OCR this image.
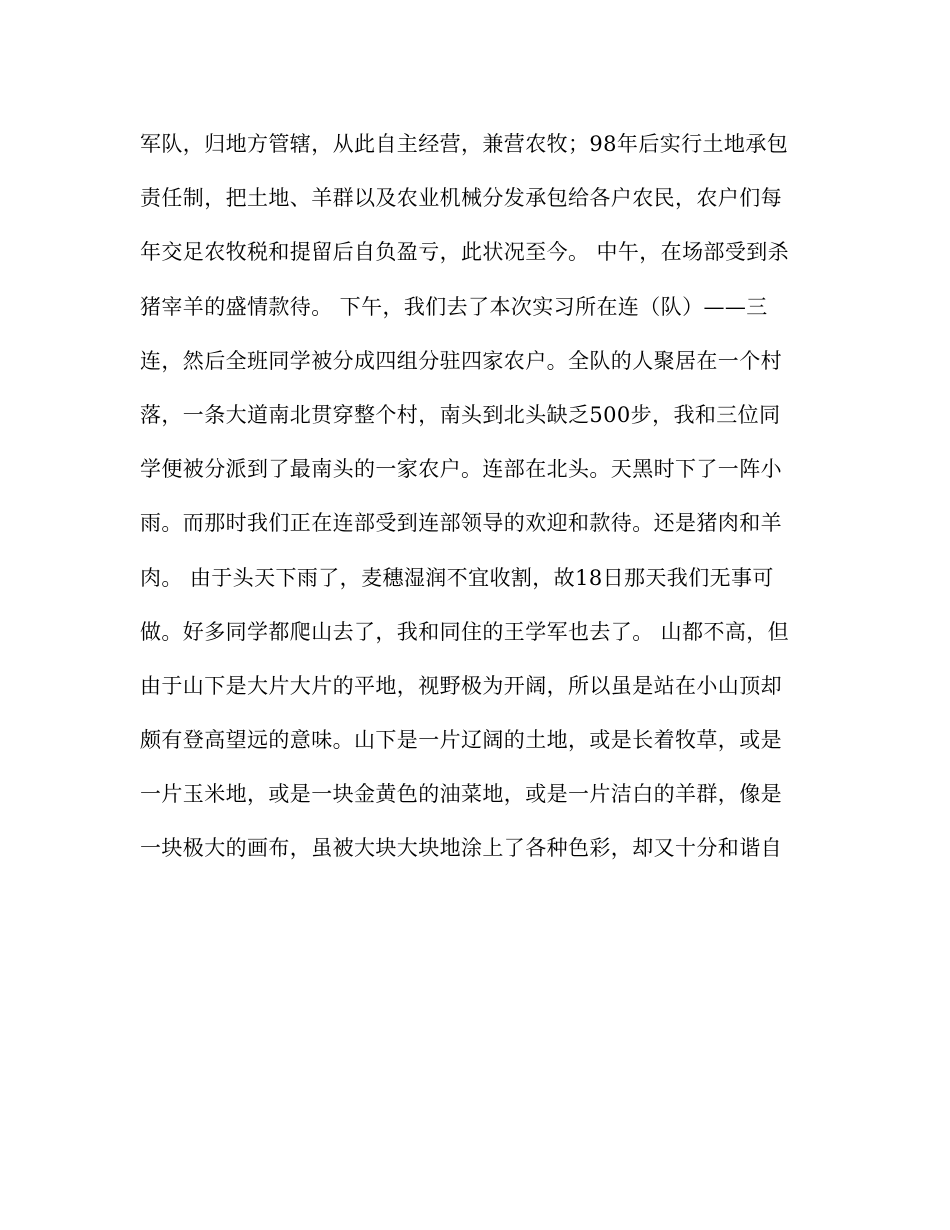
军队，归地方管辖，从此自主经营，兼营农牧；98年后实行土地承包
责任制，把土地、羊群以及农业机械分发承包给各户农民，农户们每
年交足农牧税和提留后自负盈亏，此状况至今。 中午，在场部受到杀
猪宰羊的盛情款待。 下午，我们去了本次实习所在连（队）——三
连，然后全班同学被分成四组分驻四家农户。全队的人聚居在一个村
落，一条大道南北贯穿整个村，南头到北头缺乏500步，我和三位同
学便被分派到了最南头的一家农户。连部在北头。天黑时下了一阵小
雨。而那时我们正在连部受到连部领导的欢迎和款待。还是猪肉和羊
肉。 由于头天下雨了，麦穗湿润不宜收割，故18日那天我们无事可
做。好多同学都爬山去了，我和同住的王学军也去了。 山都不高，但
由于山下是大片大片的平地，视野极为开阔，所以虽是站在小山顶却
颇有登高望远的意味。山下是一片辽阔的土地，或是长着牧草，或是
一片玉米地，或是一块金黄色的油菜地，或是一片洁白的羊群，像是
一块极大的画布，虽被大块大块地涂上了各种色彩，却又十分和谐自
